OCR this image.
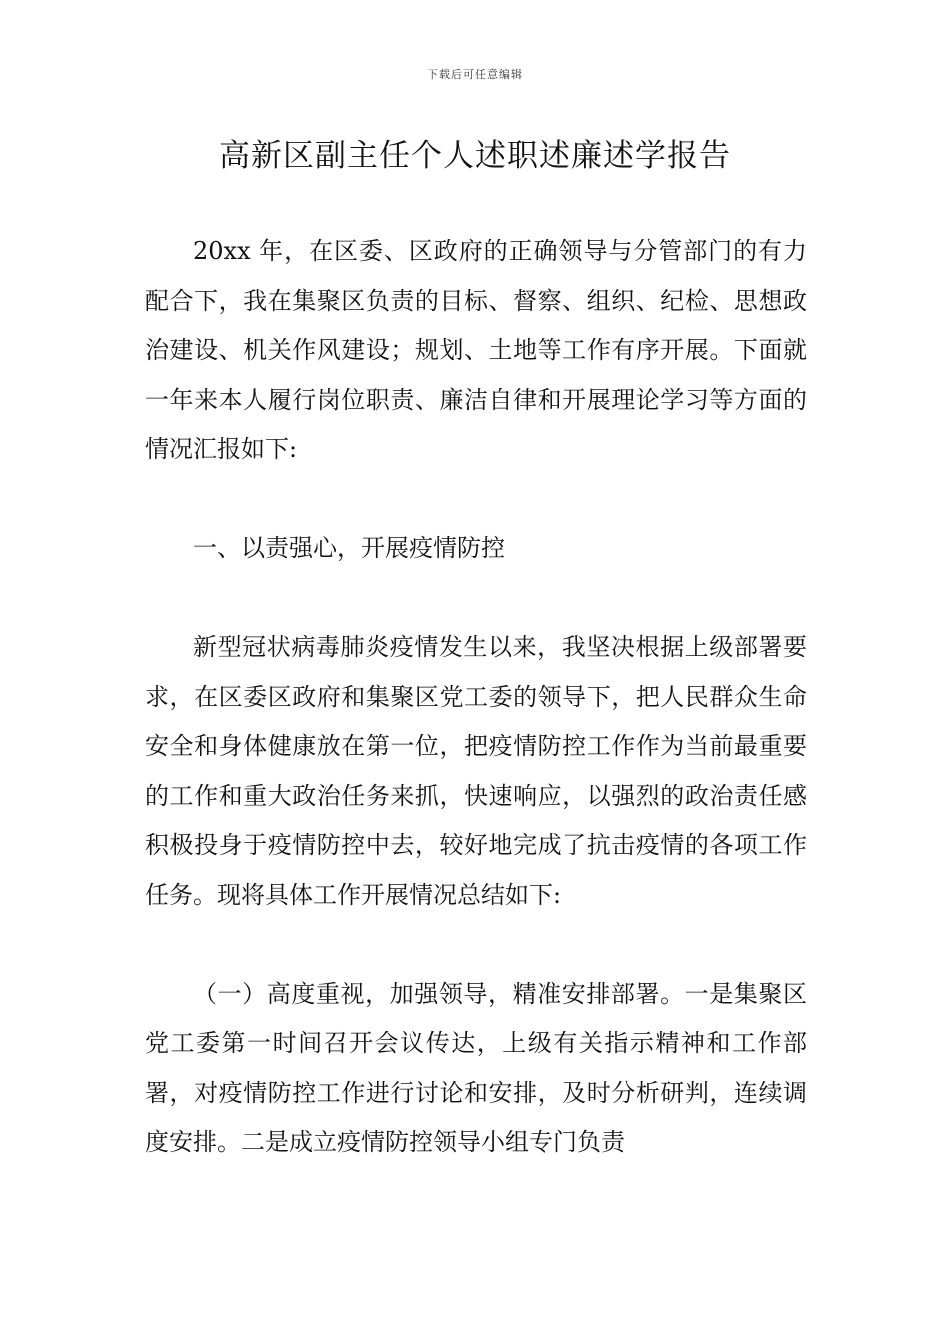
下载后可任意编辑
高新区副主任个人述职述廉述学报告

20xx 年，在区委、区政府的正确领导与分管部门的有力配合下，我在集聚区负责的目标、督察、组织、纪检、思想政治建设、机关作风建设；规划、土地等工作有序开展。下面就一年来本人履行岗位职责、廉洁自律和开展理论学习等方面的情况汇报如下:

一、以责强心，开展疫情防控

新型冠状病毒肺炎疫情发生以来，我坚决根据上级部署要求，在区委区政府和集聚区党工委的领导下，把人民群众生命安全和身体健康放在第一位，把疫情防控工作作为当前最重要的工作和重大政治任务来抓，快速响应，以强烈的政治责任感积极投身于疫情防控中去，较好地完成了抗击疫情的各项工作任务。现将具体工作开展情况总结如下:

（一）高度重视，加强领导，精准安排部署。一是集聚区党工委第一时间召开会议传达，上级有关指示精神和工作部署，对疫情防控工作进行讨论和安排，及时分析研判，连续调度安排。二是成立疫情防控领导小组专门负责
